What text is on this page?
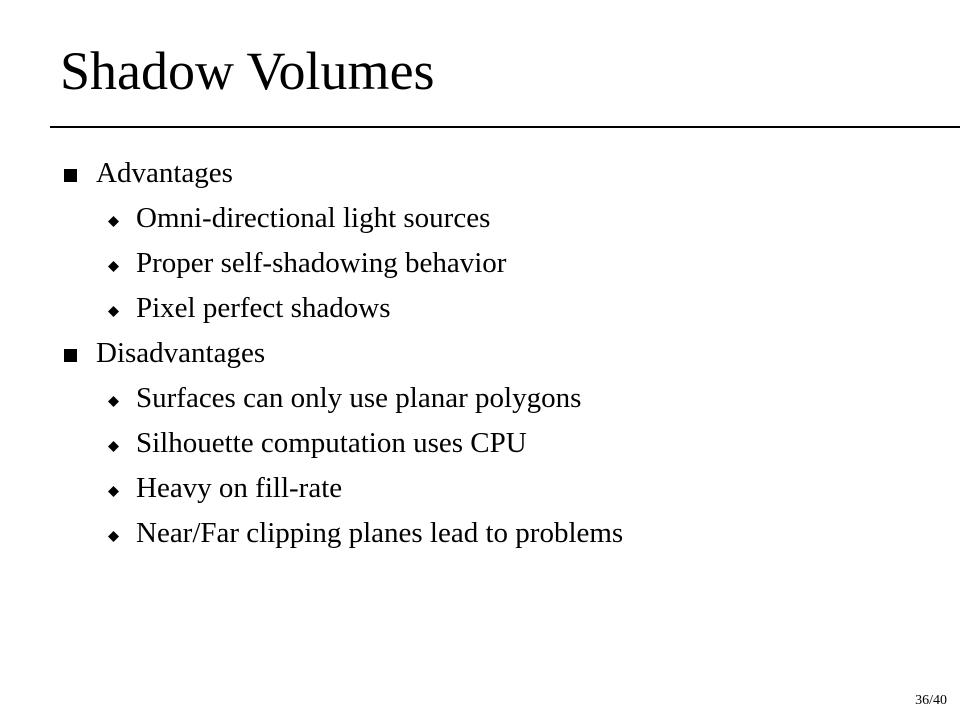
Shadow Volumes
Advantages
Omni-directional light sources
Proper self-shadowing behavior
Pixel perfect shadows
Disadvantages
Surfaces can only use planar polygons
Silhouette computation uses CPU
Heavy on fill-rate
Near/Far clipping planes lead to problems
36/40
